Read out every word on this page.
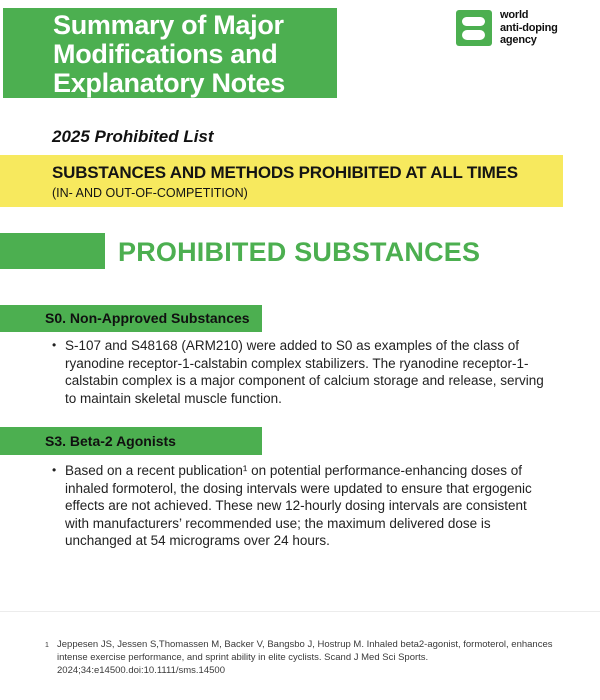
Summary of Major
Modifications and
Explanatory Notes
world
anti-doping
agency
2025 Prohibited List
SUBSTANCES AND METHODS PROHIBITED AT ALL TIMES
(IN- AND OUT-OF-COMPETITION)
PROHIBITED SUBSTANCES
S0. Non-Approved Substances
• S-107 and S48168 (ARM210) were added to S0 as examples of the class of ryanodine receptor-1-calstabin complex stabilizers. The ryanodine receptor-1-calstabin complex is a major component of calcium storage and release, serving to maintain skeletal muscle function.
S3. Beta-2 Agonists
• Based on a recent publication¹ on potential performance-enhancing doses of inhaled formoterol, the dosing intervals were updated to ensure that ergogenic effects are not achieved. These new 12-hourly dosing intervals are consistent with manufacturers’ recommended use; the maximum delivered dose is unchanged at 54 micrograms over 24 hours.
1 Jeppesen JS, Jessen S,Thomassen M, Backer V, Bangsbo J, Hostrup M. Inhaled beta2-agonist, formoterol, enhances intense exercise performance, and sprint ability in elite cyclists. Scand J Med Sci Sports. 2024;34:e14500.doi:10.1111/sms.14500
